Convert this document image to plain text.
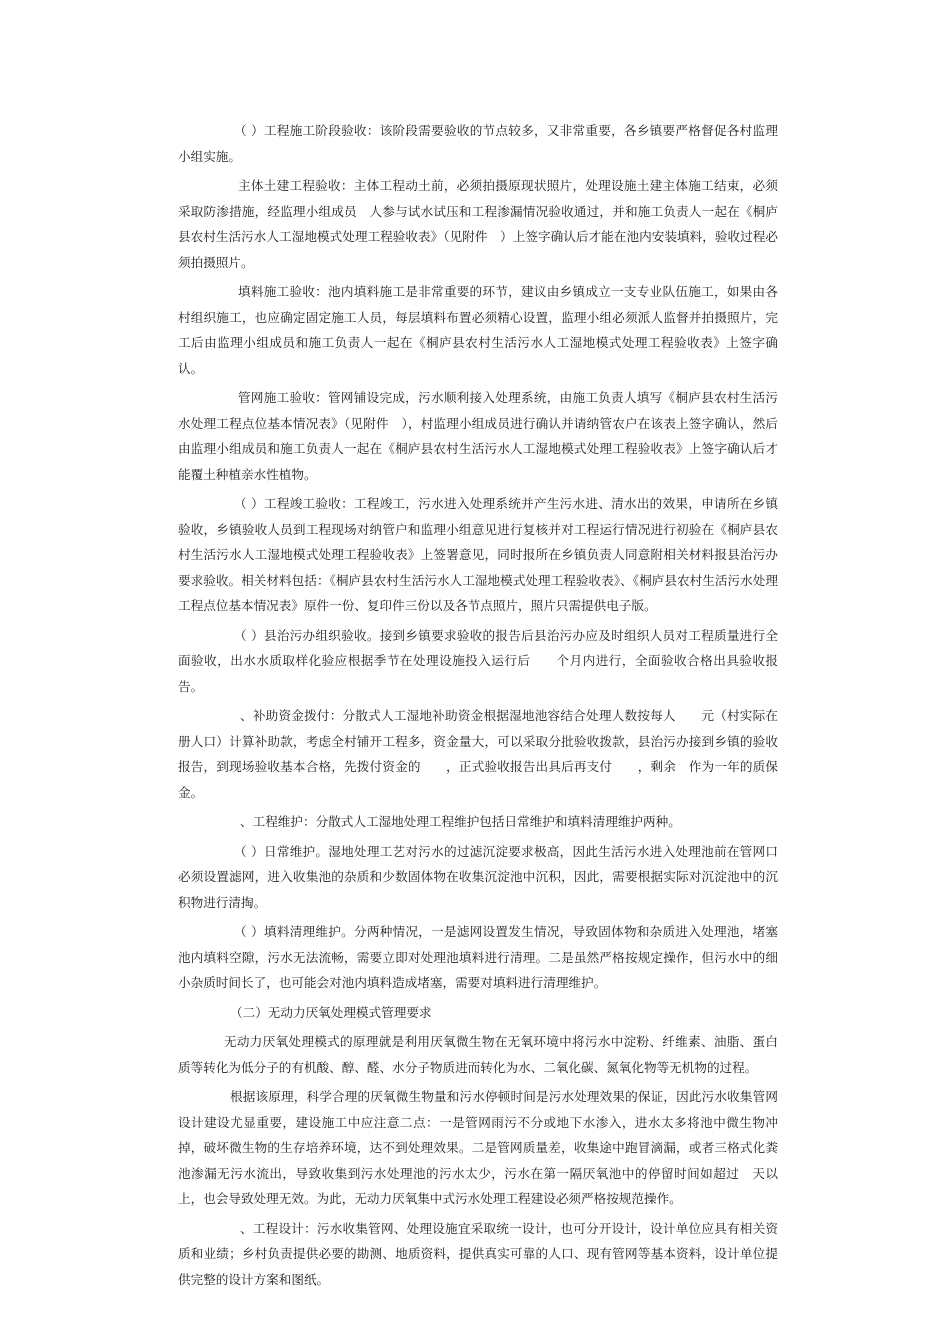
（ ）工程施工阶段验收：该阶段需要验收的节点较多，又非常重要，各乡镇要严格督促各村监理小组实施。

主体土建工程验收：主体工程动土前，必须拍摄原现状照片，处理设施土建主体施工结束，必须采取防渗措施，经监理小组成员　人参与试水试压和工程渗漏情况验收通过，并和施工负责人一起在《桐庐县农村生活污水人工湿地模式处理工程验收表》（见附件　）上签字确认后才能在池内安装填料，验收过程必须拍摄照片。

填料施工验收：池内填料施工是非常重要的环节，建议由乡镇成立一支专业队伍施工，如果由各村组织施工，也应确定固定施工人员，每层填料布置必须精心设置，监理小组必须派人监督并拍摄照片，完工后由监理小组成员和施工负责人一起在《桐庐县农村生活污水人工湿地模式处理工程验收表》上签字确认。

管网施工验收：管网铺设完成，污水顺利接入处理系统，由施工负责人填写《桐庐县农村生活污水处理工程点位基本情况表》（见附件　），村监理小组成员进行确认并请纳管农户在该表上签字确认，然后由监理小组成员和施工负责人一起在《桐庐县农村生活污水人工湿地模式处理工程验收表》上签字确认后才能覆土种植亲水性植物。

（ ）工程竣工验收：工程竣工，污水进入处理系统并产生污水进、清水出的效果，申请所在乡镇验收，乡镇验收人员到工程现场对纳管户和监理小组意见进行复核并对工程运行情况进行初验在《桐庐县农村生活污水人工湿地模式处理工程验收表》上签署意见，同时报所在乡镇负责人同意附相关材料报县治污办要求验收。相关材料包括：《桐庐县农村生活污水人工湿地模式处理工程验收表》、《桐庐县农村生活污水处理工程点位基本情况表》原件一份、复印件三份以及各节点照片，照片只需提供电子版。

（ ）县治污办组织验收。接到乡镇要求验收的报告后县治污办应及时组织人员对工程质量进行全面验收，出水水质取样化验应根据季节在处理设施投入运行后　　个月内进行，全面验收合格出具验收报告。

、补助资金拨付：分散式人工湿地补助资金根据湿地池容结合处理人数按每人　　元（村实际在册人口）计算补助款，考虑全村铺开工程多，资金量大，可以采取分批验收拨款，县治污办接到乡镇的验收报告，到现场验收基本合格，先拨付资金的　　，正式验收报告出具后再支付　　，剩余　作为一年的质保金。

、工程维护：分散式人工湿地处理工程维护包括日常维护和填料清理维护两种。

（ ）日常维护。湿地处理工艺对污水的过滤沉淀要求极高，因此生活污水进入处理池前在管网口必须设置滤网，进入收集池的杂质和少数固体物在收集沉淀池中沉积，因此，需要根据实际对沉淀池中的沉积物进行清掏。

（ ）填料清理维护。分两种情况，一是滤网设置发生情况，导致固体物和杂质进入处理池，堵塞池内填料空隙，污水无法流畅，需要立即对处理池填料进行清理。二是虽然严格按规定操作，但污水中的细小杂质时间长了，也可能会对池内填料造成堵塞，需要对填料进行清理维护。

（二）无动力厌氧处理模式管理要求

无动力厌氧处理模式的原理就是利用厌氧微生物在无氧环境中将污水中淀粉、纤维素、油脂、蛋白质等转化为低分子的有机酸、醇、醛、水分子物质进而转化为水、二氧化碳、氮氧化物等无机物的过程。

根据该原理，科学合理的厌氧微生物量和污水停顿时间是污水处理效果的保证，因此污水收集管网设计建设尤显重要，建设施工中应注意二点：一是管网雨污不分或地下水渗入，进水太多将池中微生物冲掉，破坏微生物的生存培养环境，达不到处理效果。二是管网质量差，收集途中跑冒滴漏，或者三格式化粪池渗漏无污水流出，导致收集到污水处理池的污水太少，污水在第一隔厌氧池中的停留时间如超过　天以上，也会导致处理无效。为此，无动力厌氧集中式污水处理工程建设必须严格按规范操作。

、工程设计：污水收集管网、处理设施宜采取统一设计，也可分开设计，设计单位应具有相关资质和业绩；乡村负责提供必要的勘测、地质资料，提供真实可靠的人口、现有管网等基本资料，设计单位提供完整的设计方案和图纸。
